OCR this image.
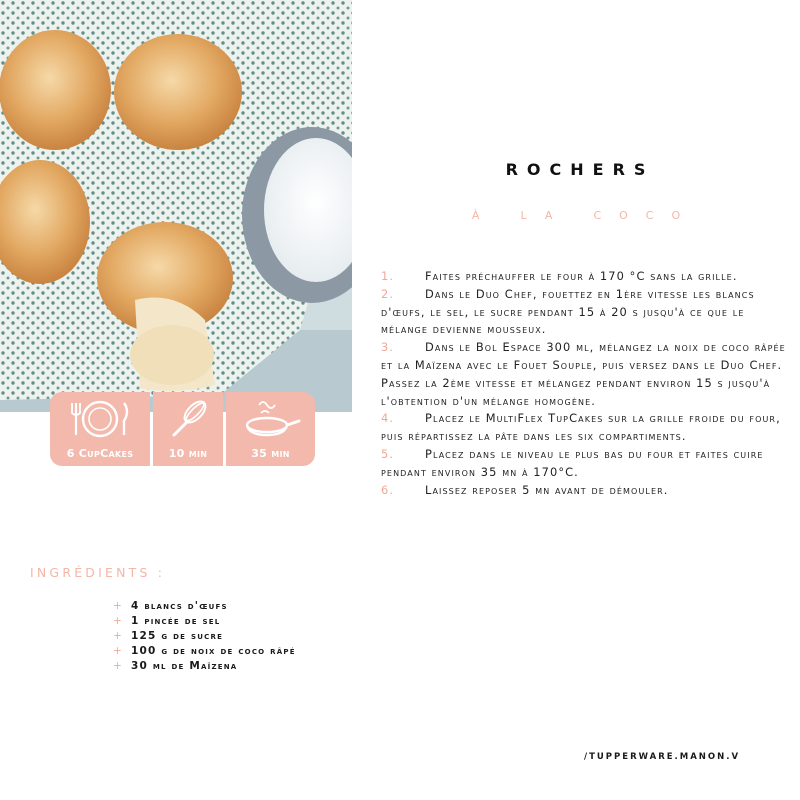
6 CupCakes	10 min	35 min
ROCHERS
à la coco

1.	Faites préchauffer le four à 170 °C sans la grille.

2.	Dans le Duo Chef, fouettez en 1ère vitesse les blancs d'œufs, le sel, le sucre pendant 15 à 20 s jusqu'à ce que le mélange devienne mousseux.

3.	Dans le Bol Espace 300 ml, mélangez la noix de coco râpée et la Maïzena avec le Fouet Souple, puis versez dans le Duo Chef. Passez la 2ème vitesse et mélangez pendant environ 15 s jusqu'à l'obtention d'un mélange homogène.

4.	Placez le MultiFlex TupCakes sur la grille froide du four, puis répartissez la pâte dans les six compartiments.

5.	Placez dans le niveau le plus bas du four et faites cuire pendant environ 35 mn à 170°C.

6.	Laissez reposer 5 mn avant de démouler.

INGRÉDIENTS :
+ 4 blancs d'œufs
+ 1 pincée de sel
+ 125 g de sucre
+ 100 g de noix de coco râpé
+ 30 ml de Maïzena
/TUPPERWARE.MANON.V
